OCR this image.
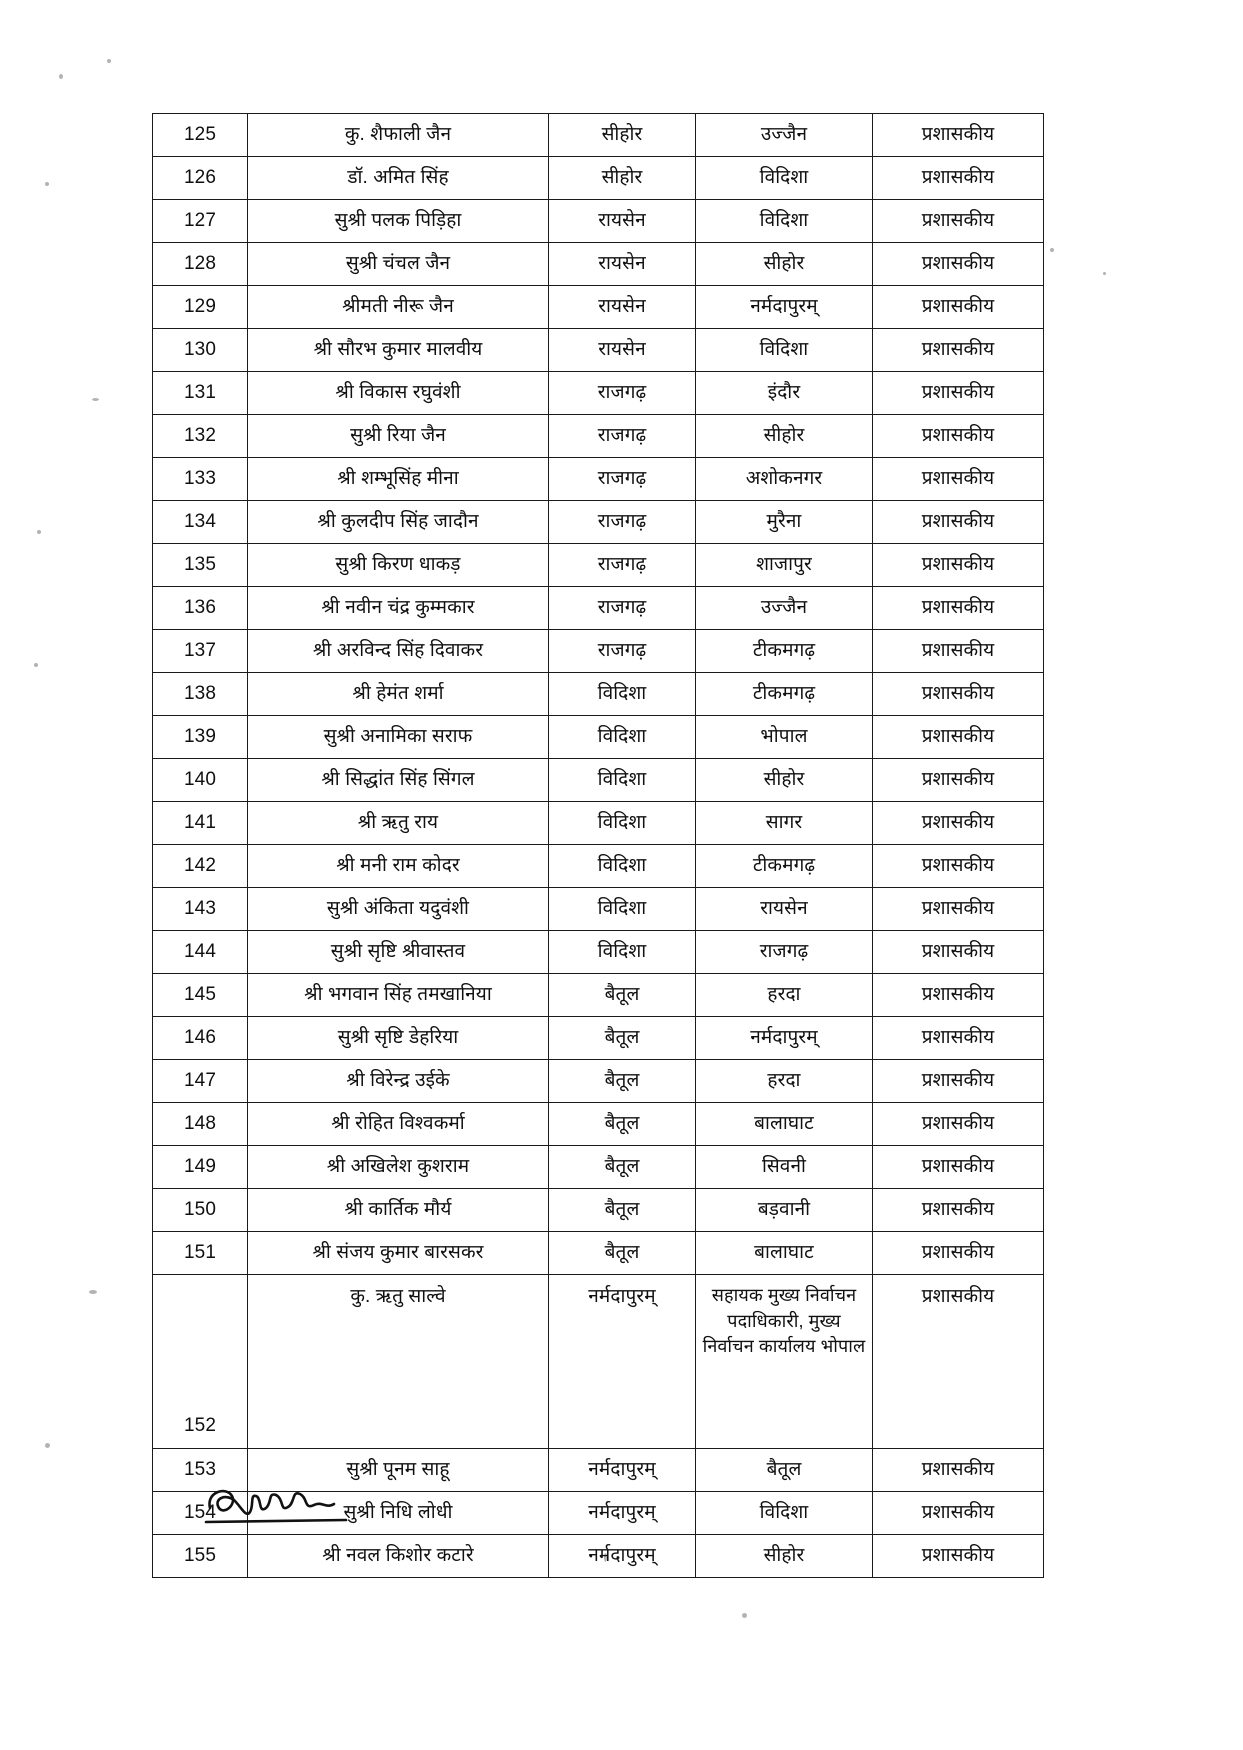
125	कु. शैफाली जैन	सीहोर	उज्जैन	प्रशासकीय
126	डॉ. अमित सिंह	सीहोर	विदिशा	प्रशासकीय
127	सुश्री पलक पिड़िहा	रायसेन	विदिशा	प्रशासकीय
128	सुश्री चंचल जैन	रायसेन	सीहोर	प्रशासकीय
129	श्रीमती नीरू जैन	रायसेन	नर्मदापुरम्	प्रशासकीय
130	श्री सौरभ कुमार मालवीय	रायसेन	विदिशा	प्रशासकीय
131	श्री विकास रघुवंशी	राजगढ़	इंदौर	प्रशासकीय
132	सुश्री रिया जैन	राजगढ़	सीहोर	प्रशासकीय
133	श्री शम्भूसिंह मीना	राजगढ़	अशोकनगर	प्रशासकीय
134	श्री कुलदीप सिंह जादौन	राजगढ़	मुरैना	प्रशासकीय
135	सुश्री किरण धाकड़	राजगढ़	शाजापुर	प्रशासकीय
136	श्री नवीन चंद्र कुम्मकार	राजगढ़	उज्जैन	प्रशासकीय
137	श्री अरविन्द सिंह दिवाकर	राजगढ़	टीकमगढ़	प्रशासकीय
138	श्री हेमंत शर्मा	विदिशा	टीकमगढ़	प्रशासकीय
139	सुश्री अनामिका सराफ	विदिशा	भोपाल	प्रशासकीय
140	श्री सिद्धांत सिंह सिंगल	विदिशा	सीहोर	प्रशासकीय
141	श्री ऋतु राय	विदिशा	सागर	प्रशासकीय
142	श्री मनी राम कोदर	विदिशा	टीकमगढ़	प्रशासकीय
143	सुश्री अंकिता यदुवंशी	विदिशा	रायसेन	प्रशासकीय
144	सुश्री सृष्टि श्रीवास्तव	विदिशा	राजगढ़	प्रशासकीय
145	श्री भगवान सिंह तमखानिया	बैतूल	हरदा	प्रशासकीय
146	सुश्री सृष्टि डेहरिया	बैतूल	नर्मदापुरम्	प्रशासकीय
147	श्री विरेन्द्र उईके	बैतूल	हरदा	प्रशासकीय
148	श्री रोहित विश्वकर्मा	बैतूल	बालाघाट	प्रशासकीय
149	श्री अखिलेश कुशराम	बैतूल	सिवनी	प्रशासकीय
150	श्री कार्तिक मौर्य	बैतूल	बड़वानी	प्रशासकीय
151	श्री संजय कुमार बारसकर	बैतूल	बालाघाट	प्रशासकीय
152	कु. ऋतु साल्वे	नर्मदापुरम्	सहायक मुख्य निर्वाचन पदाधिकारी, मुख्य निर्वाचन कार्यालय भोपाल	प्रशासकीय
153	सुश्री पूनम साहू	नर्मदापुरम्	बैतूल	प्रशासकीय
154	सुश्री निधि लोधी	नर्मदापुरम्	विदिशा	प्रशासकीय
155	श्री नवल किशोर कटारे	नर्मदापुरम्	सीहोर	प्रशासकीय
